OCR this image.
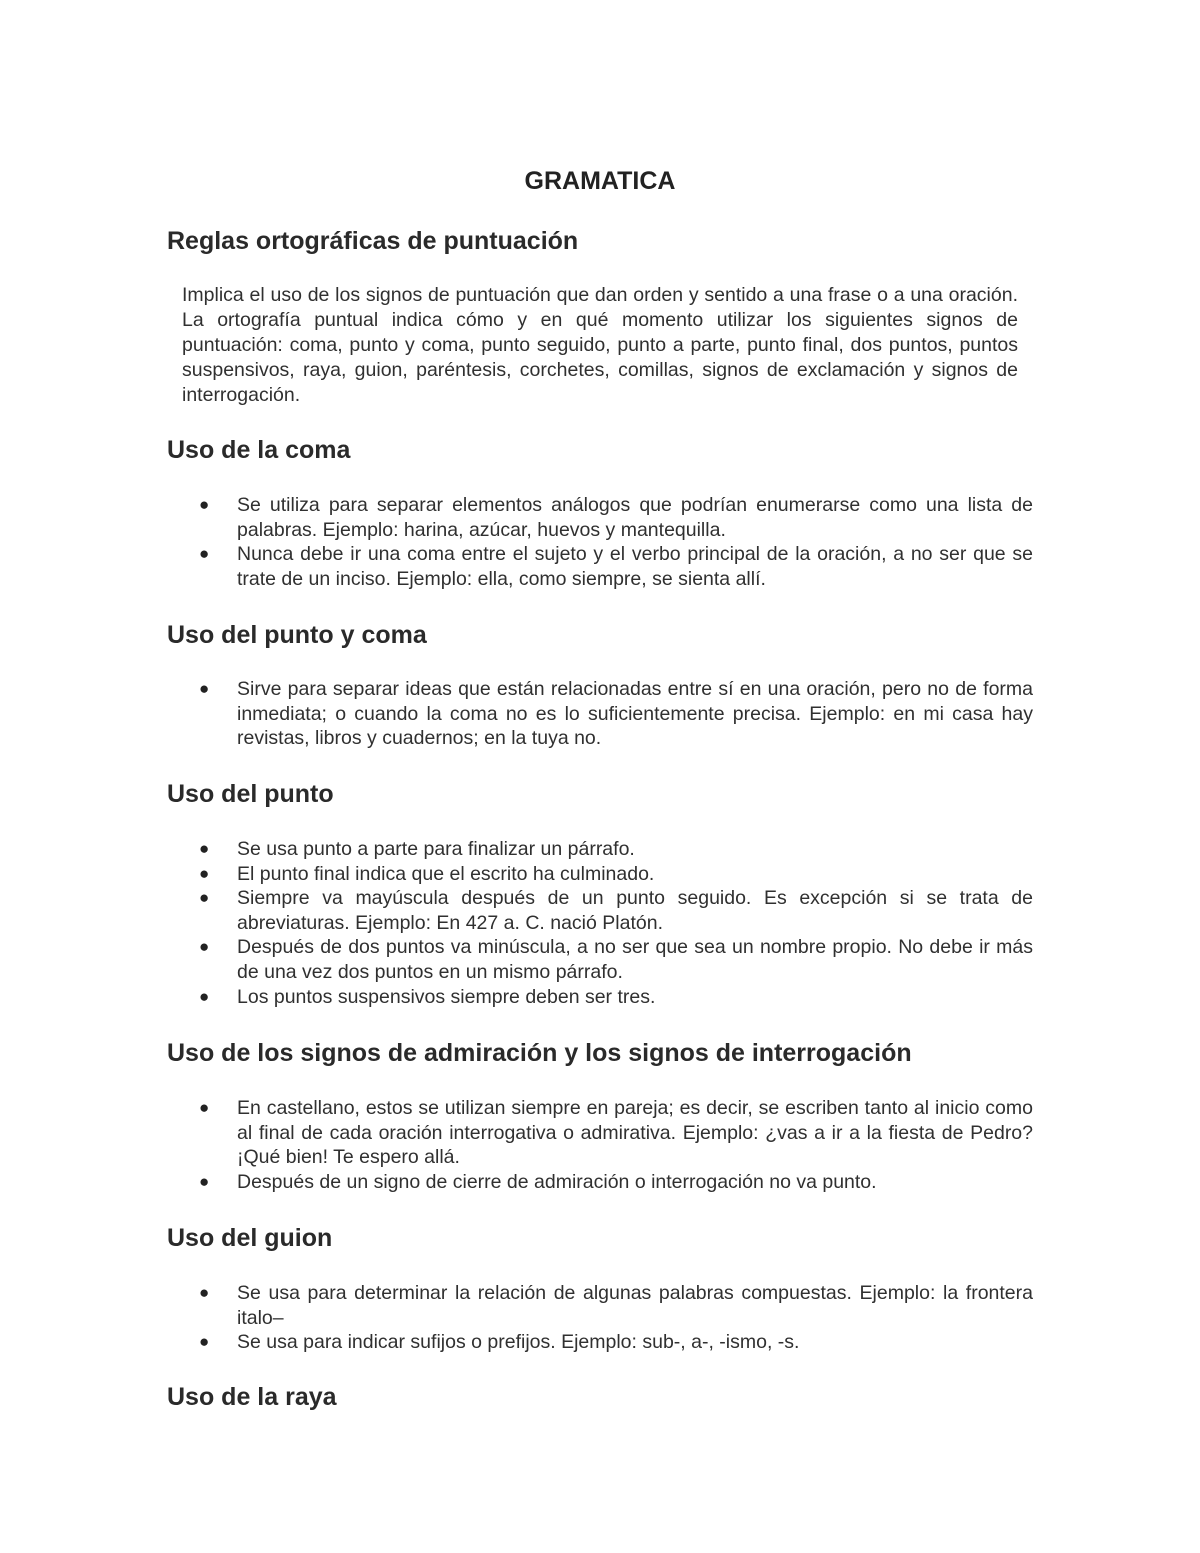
GRAMATICA
Reglas ortográficas de puntuación

Implica el uso de los signos de puntuación que dan orden y sentido a una frase o a una oración. La ortografía puntual indica cómo y en qué momento utilizar los siguientes signos de puntuación: coma, punto y coma, punto seguido, punto a parte, punto final, dos puntos, puntos suspensivos, raya, guion, paréntesis, corchetes, comillas, signos de exclamación y signos de interrogación.

Uso de la coma
● Se utiliza para separar elementos análogos que podrían enumerarse como una lista de palabras. Ejemplo: harina, azúcar, huevos y mantequilla.
● Nunca debe ir una coma entre el sujeto y el verbo principal de la oración, a no ser que se trate de un inciso. Ejemplo: ella, como siempre, se sienta allí.
Uso del punto y coma
● Sirve para separar ideas que están relacionadas entre sí en una oración, pero no de forma inmediata; o cuando la coma no es lo suficientemente precisa. Ejemplo: en mi casa hay revistas, libros y cuadernos; en la tuya no.
Uso del punto
● Se usa punto a parte para finalizar un párrafo.
● El punto final indica que el escrito ha culminado.
● Siempre va mayúscula después de un punto seguido. Es excepción si se trata de abreviaturas. Ejemplo: En 427 a. C. nació Platón.
● Después de dos puntos va minúscula, a no ser que sea un nombre propio. No debe ir más de una vez dos puntos en un mismo párrafo.
● Los puntos suspensivos siempre deben ser tres.
Uso de los signos de admiración y los signos de interrogación
● En castellano, estos se utilizan siempre en pareja; es decir, se escriben tanto al inicio como al final de cada oración interrogativa o admirativa. Ejemplo: ¿vas a ir a la fiesta de Pedro? ¡Qué bien! Te espero allá.
● Después de un signo de cierre de admiración o interrogación no va punto.
Uso del guion
● Se usa para determinar la relación de algunas palabras compuestas. Ejemplo: la frontera italo–
● Se usa para indicar sufijos o prefijos. Ejemplo: sub-, a-, -ismo, -s.
Uso de la raya
